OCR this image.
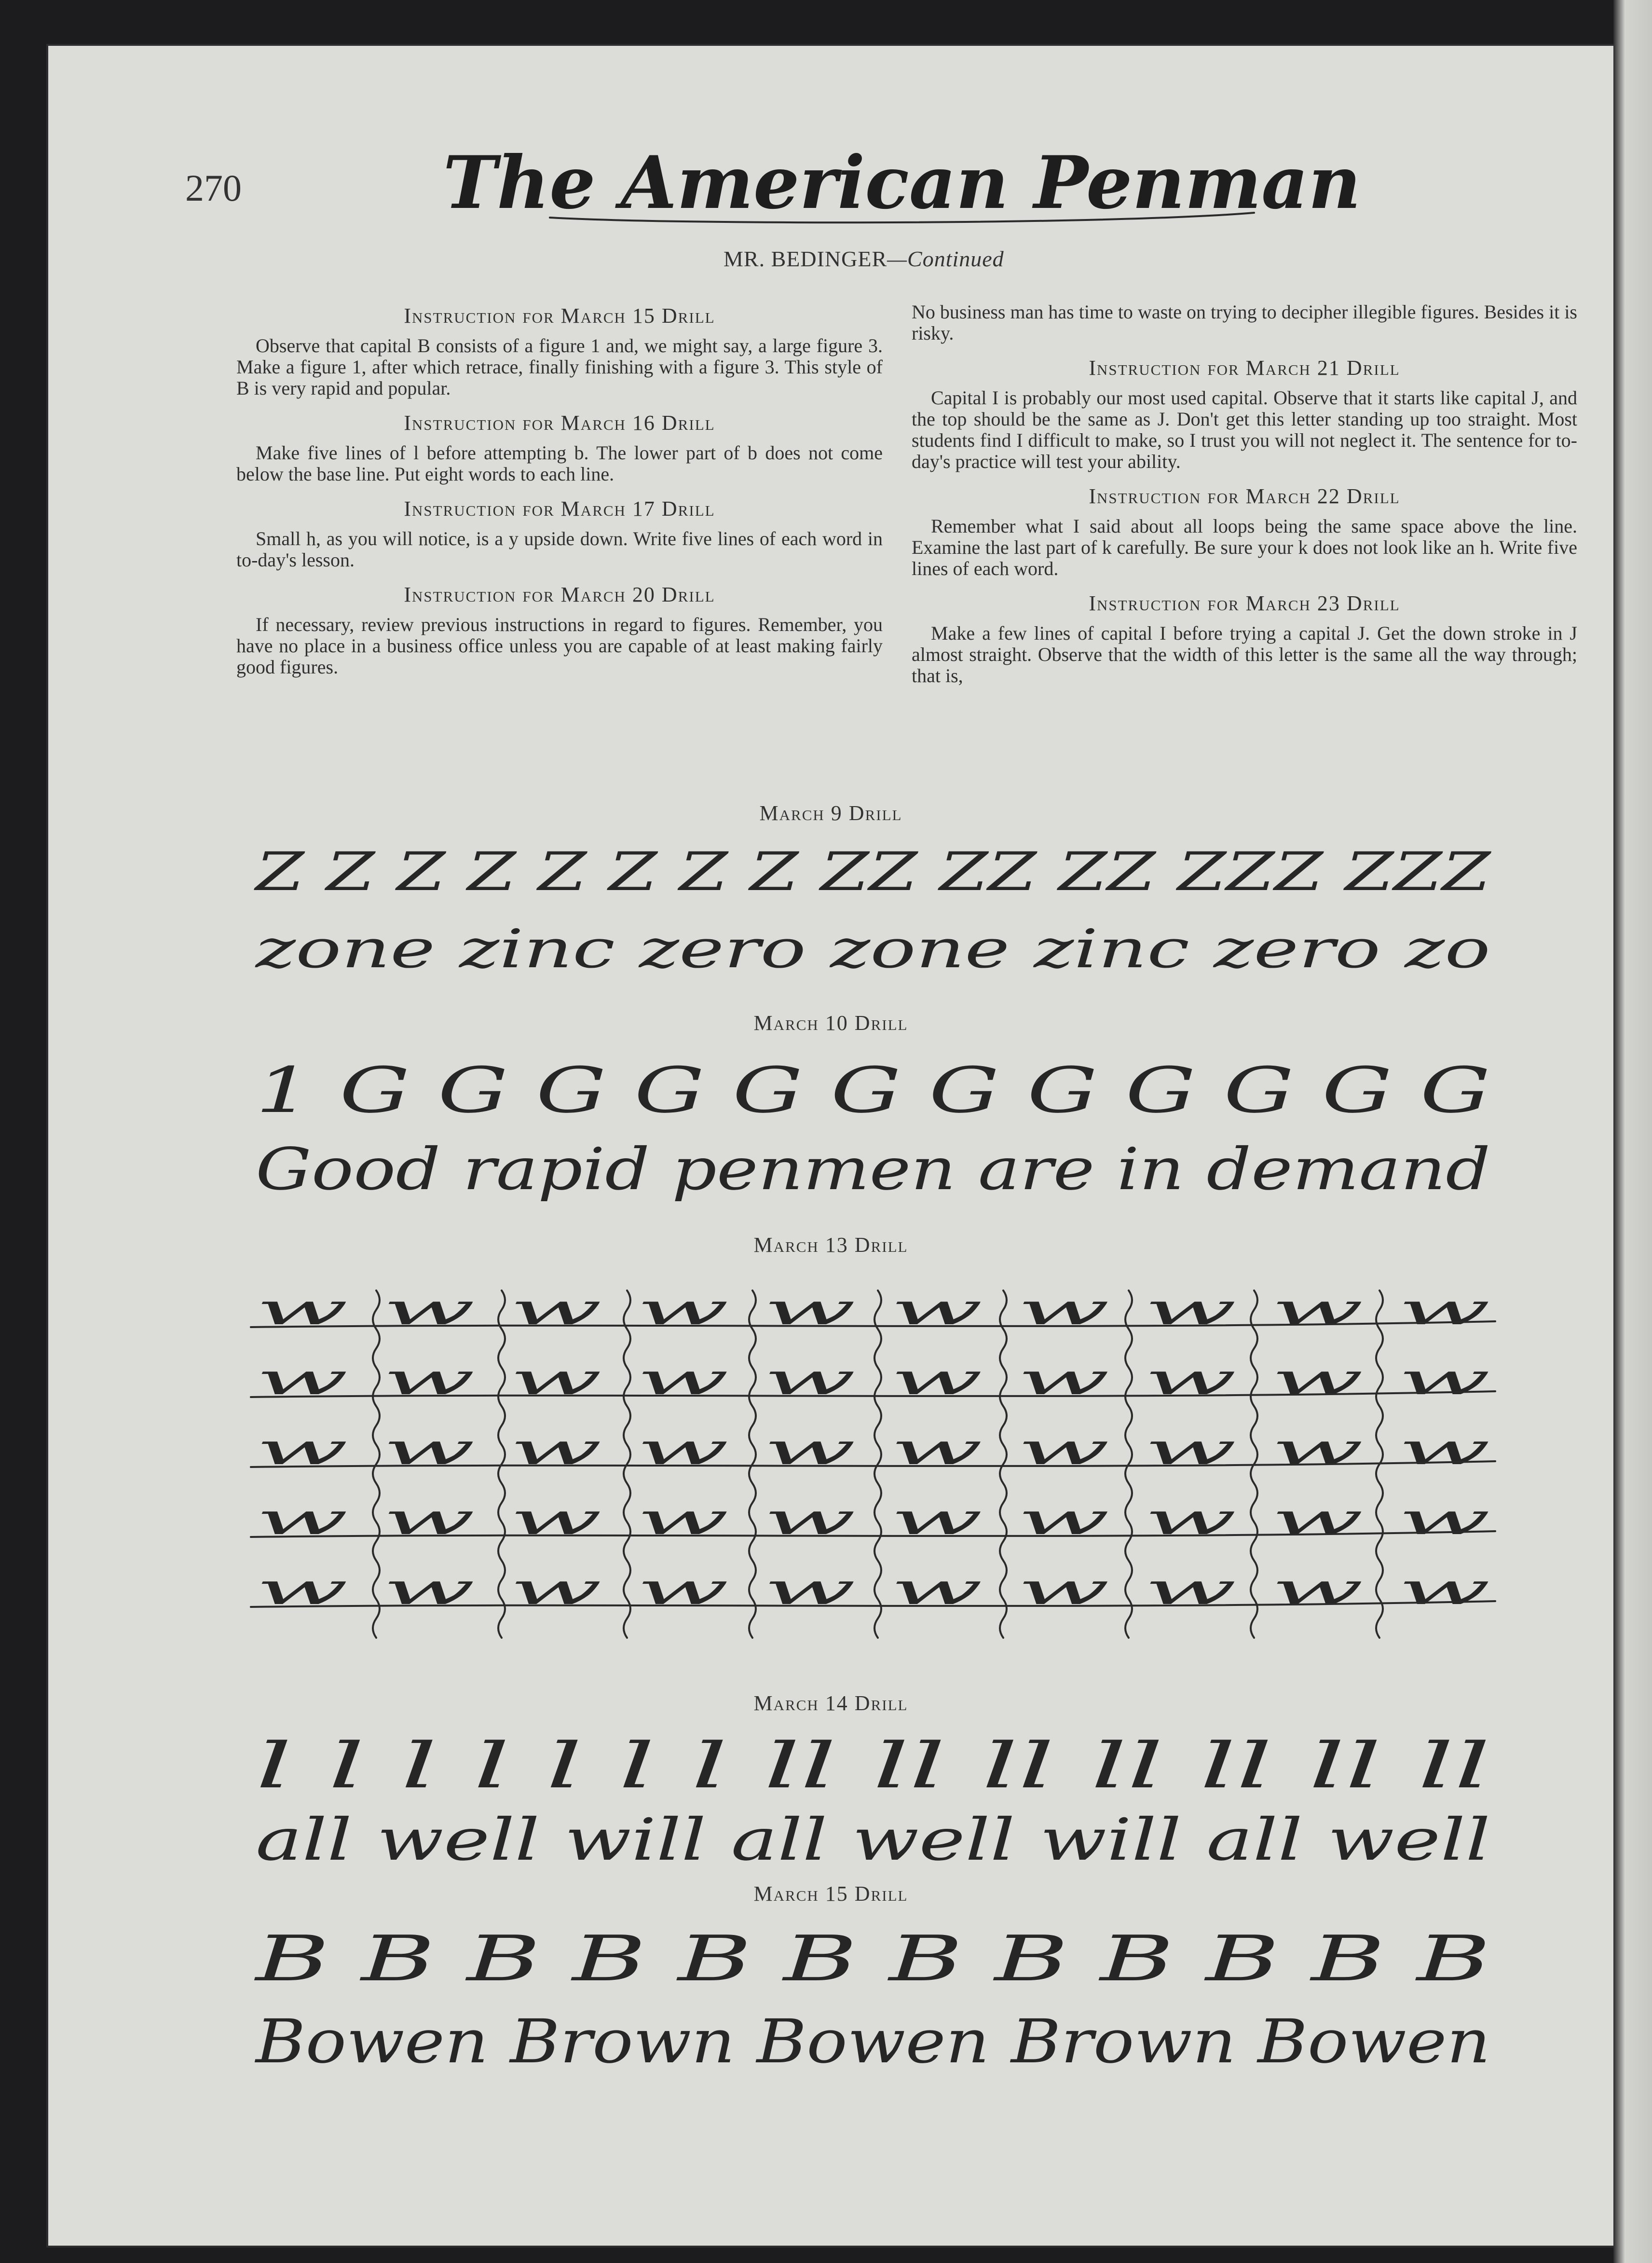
270	The American Penman
MR. BEDINGER—Continued
Instruction for March 15 Drill

Observe that capital B consists of a figure 1 and, we might say, a large figure 3. Make a figure 1, after which retrace, finally finishing with a figure 3. This style of B is very rapid and popular.

Instruction for March 16 Drill

Make five lines of l before attempting b. The lower part of b does not come below the base line. Put eight words to each line.

Instruction for March 17 Drill

Small h, as you will notice, is a y upside down. Write five lines of each word in to-day's lesson.

Instruction for March 20 Drill

If necessary, review previous instructions in regard to figures. Remember, you have no place in a business office unless you are capable of at least making fairly good figures.

No business man has time to waste on trying to decipher illegible figures. Besides it is risky.

Instruction for March 21 Drill

Capital I is probably our most used capital. Observe that it starts like capital J, and the top should be the same as J. Don't get this letter standing up too straight. Most students find I difficult to make, so I trust you will not neglect it. The sentence for to-day's practice will test your ability.

Instruction for March 22 Drill

Remember what I said about all loops being the same space above the line. Examine the last part of k carefully. Be sure your k does not look like an h. Write five lines of each word.

Instruction for March 23 Drill

Make a few lines of capital I before trying a capital J. Get the down stroke in J almost straight. Observe that the width of this letter is the same all the way through; that is,

March 9 Drill
Z Z Z Z Z Z Z Z ZZ ZZ ZZ ZZZ ZZZ
zone zinc zero zone zinc zero zo
March 10 Drill
1 G G G G G G G G G G G G
Good rapid penmen are in demand
March 13 Drill
w w w w w w w w w w
w w w w w w w w w w
w w w w w w w w w w
w w w w w w w w w w
w w w w w w w w w w
March 14 Drill
l l l l l l l ll ll ll ll ll ll ll
all well will all well will all well
March 15 Drill
B B B B B B B B B B B B
Bowen Brown Bowen Brown Bowen
